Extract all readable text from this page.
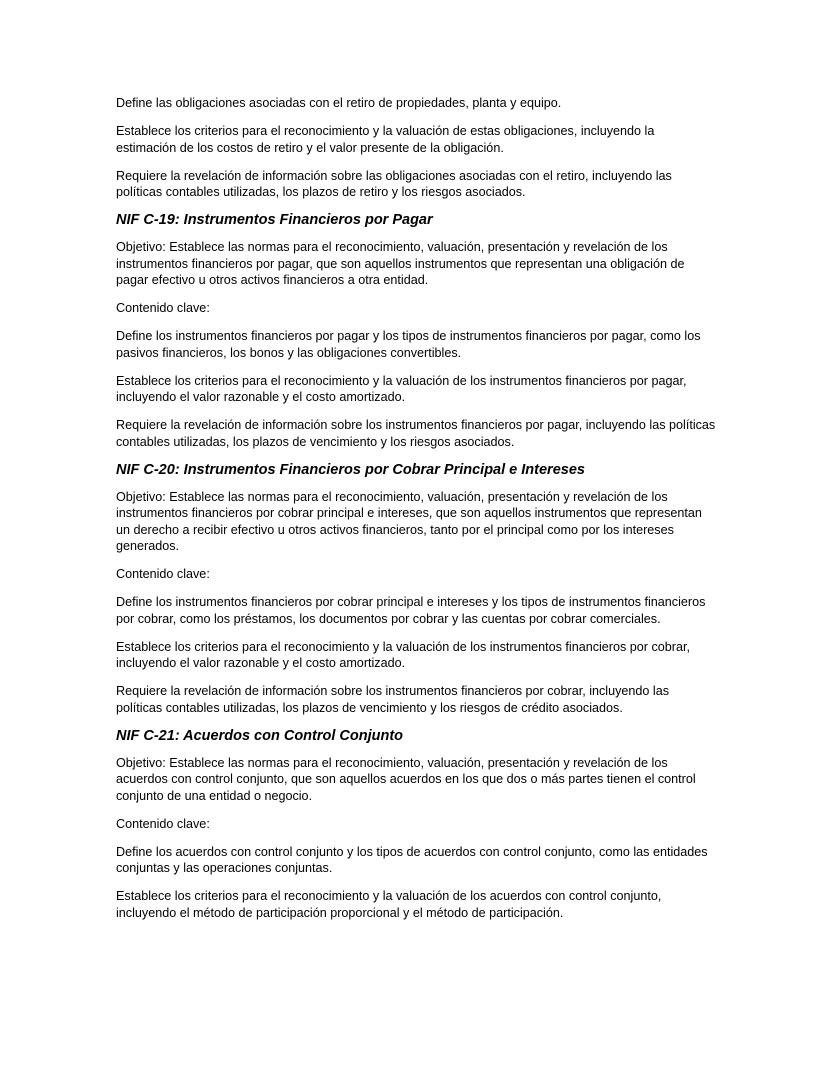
Define las obligaciones asociadas con el retiro de propiedades, planta y equipo.

Establece los criterios para el reconocimiento y la valuación de estas obligaciones, incluyendo la estimación de los costos de retiro y el valor presente de la obligación.

Requiere la revelación de información sobre las obligaciones asociadas con el retiro, incluyendo las políticas contables utilizadas, los plazos de retiro y los riesgos asociados.

NIF C-19: Instrumentos Financieros por Pagar

Objetivo: Establece las normas para el reconocimiento, valuación, presentación y revelación de los instrumentos financieros por pagar, que son aquellos instrumentos que representan una obligación de pagar efectivo u otros activos financieros a otra entidad.

Contenido clave:

Define los instrumentos financieros por pagar y los tipos de instrumentos financieros por pagar, como los pasivos financieros, los bonos y las obligaciones convertibles.

Establece los criterios para el reconocimiento y la valuación de los instrumentos financieros por pagar, incluyendo el valor razonable y el costo amortizado.

Requiere la revelación de información sobre los instrumentos financieros por pagar, incluyendo las políticas contables utilizadas, los plazos de vencimiento y los riesgos asociados.

NIF C-20: Instrumentos Financieros por Cobrar Principal e Intereses

Objetivo: Establece las normas para el reconocimiento, valuación, presentación y revelación de los instrumentos financieros por cobrar principal e intereses, que son aquellos instrumentos que representan un derecho a recibir efectivo u otros activos financieros, tanto por el principal como por los intereses generados.

Contenido clave:

Define los instrumentos financieros por cobrar principal e intereses y los tipos de instrumentos financieros por cobrar, como los préstamos, los documentos por cobrar y las cuentas por cobrar comerciales.

Establece los criterios para el reconocimiento y la valuación de los instrumentos financieros por cobrar, incluyendo el valor razonable y el costo amortizado.

Requiere la revelación de información sobre los instrumentos financieros por cobrar, incluyendo las políticas contables utilizadas, los plazos de vencimiento y los riesgos de crédito asociados.

NIF C-21: Acuerdos con Control Conjunto

Objetivo: Establece las normas para el reconocimiento, valuación, presentación y revelación de los acuerdos con control conjunto, que son aquellos acuerdos en los que dos o más partes tienen el control conjunto de una entidad o negocio.

Contenido clave:

Define los acuerdos con control conjunto y los tipos de acuerdos con control conjunto, como las entidades conjuntas y las operaciones conjuntas.

Establece los criterios para el reconocimiento y la valuación de los acuerdos con control conjunto, incluyendo el método de participación proporcional y el método de participación.
